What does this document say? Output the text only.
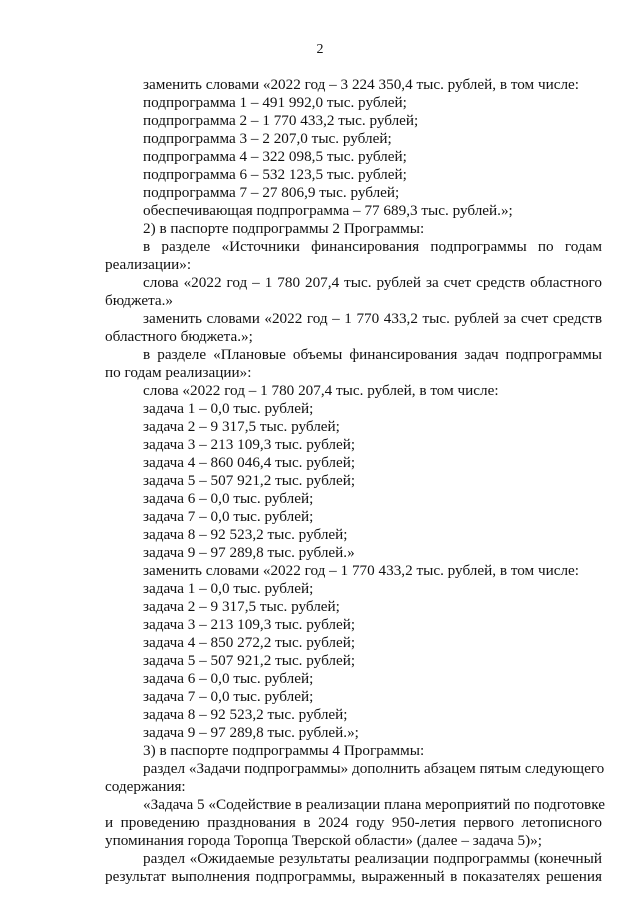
2
заменить словами «2022 год – 3 224 350,4 тыс. рублей, в том числе:
подпрограмма 1 – 491 992,0 тыс. рублей;
подпрограмма 2 – 1 770 433,2 тыс. рублей;
подпрограмма 3 – 2 207,0 тыс. рублей;
подпрограмма 4 – 322 098,5 тыс. рублей;
подпрограмма 6 – 532 123,5 тыс. рублей;
подпрограмма 7 – 27 806,9 тыс. рублей;
обеспечивающая подпрограмма – 77 689,3 тыс. рублей.»;
2) в паспорте подпрограммы 2 Программы:
в разделе «Источники финансирования подпрограммы по годам
реализации»:
слова «2022 год – 1 780 207,4 тыс. рублей за счет средств областного
бюджета.»
заменить словами «2022 год – 1 770 433,2 тыс. рублей за счет средств
областного бюджета.»;
в разделе «Плановые объемы финансирования задач подпрограммы
по годам реализации»:
слова «2022 год – 1 780 207,4 тыс. рублей, в том числе:
задача 1 – 0,0 тыс. рублей;
задача 2 – 9 317,5 тыс. рублей;
задача 3 – 213 109,3 тыс. рублей;
задача 4 – 860 046,4 тыс. рублей;
задача 5 – 507 921,2 тыс. рублей;
задача 6 – 0,0 тыс. рублей;
задача 7 – 0,0 тыс. рублей;
задача 8 – 92 523,2 тыс. рублей;
задача 9 – 97 289,8 тыс. рублей.»
заменить словами «2022 год – 1 770 433,2 тыс. рублей, в том числе:
задача 1 – 0,0 тыс. рублей;
задача 2 – 9 317,5 тыс. рублей;
задача 3 – 213 109,3 тыс. рублей;
задача 4 – 850 272,2 тыс. рублей;
задача 5 – 507 921,2 тыс. рублей;
задача 6 – 0,0 тыс. рублей;
задача 7 – 0,0 тыс. рублей;
задача 8 – 92 523,2 тыс. рублей;
задача 9 – 97 289,8 тыс. рублей.»;
3) в паспорте подпрограммы 4 Программы:
раздел «Задачи подпрограммы» дополнить абзацем пятым следующего
содержания:
«Задача 5 «Содействие в реализации плана мероприятий по подготовке
и проведению празднования в 2024 году 950-летия первого летописного
упоминания города Торопца Тверской области» (далее – задача 5)»;
раздел «Ожидаемые результаты реализации подпрограммы (конечный
результат выполнения подпрограммы, выраженный в показателях решения
